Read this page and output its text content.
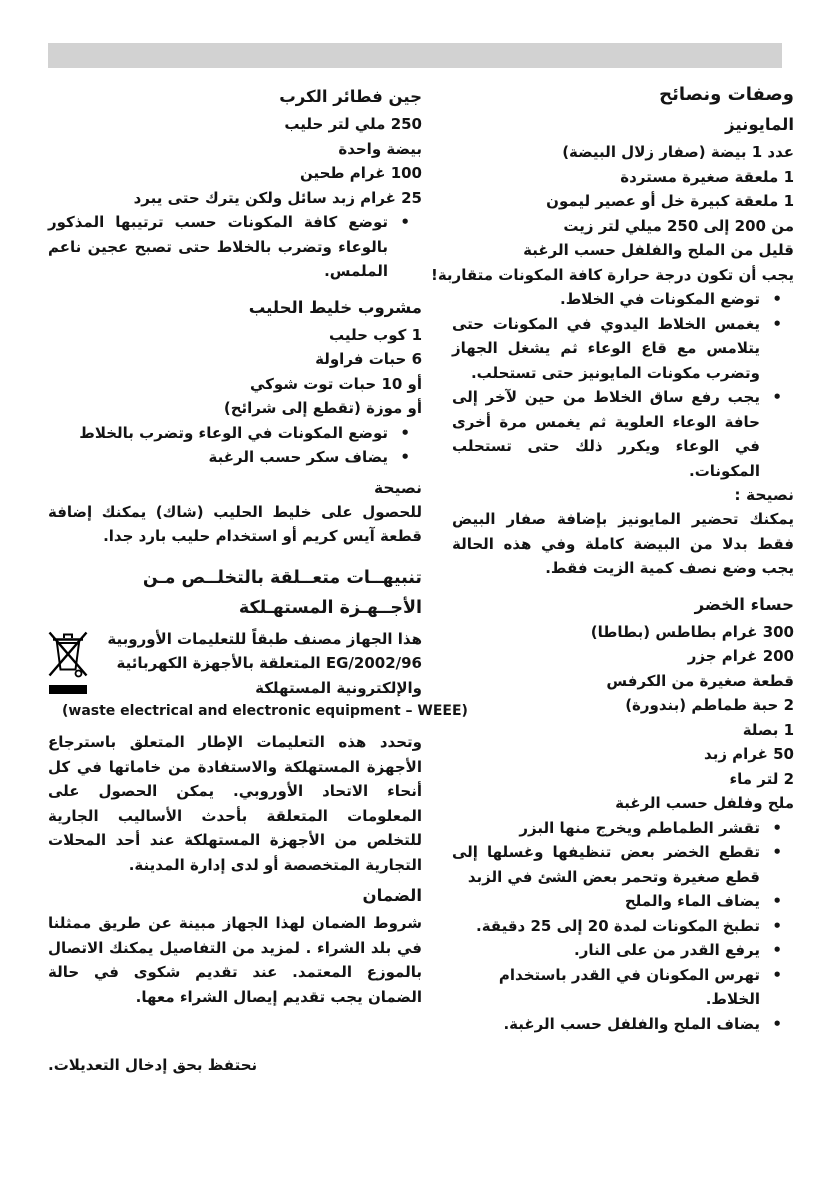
وصفات ونصائح
المايونيز
عدد 1 بيضة (صفار زلال البيضة)
1 ملعقة صغيرة مستردة
1 ملعقة كبيرة خل أو عصير ليمون
من 200 إلى 250 ميلي لتر زيت
قليل من الملح والفلفل حسب الرغبة
يجب أن تكون درجة حرارة كافة المكونات متقاربة!
• توضع المكونات في الخلاط.
• يغمس الخلاط اليدوي في المكونات حتى يتلامس مع قاع الوعاء ثم يشغل الجهاز وتضرب مكونات المايونيز حتى تستحلب.
• يجب رفع ساق الخلاط من حين لآخر إلى حافة الوعاء العلوية ثم يغمس مرة أخرى في الوعاء ويكرر ذلك حتى تستحلب المكونات.
نصيحة :
يمكنك تحضير المايونيز بإضافة صفار البيض فقط بدلا من البيضة كاملة وفي هذه الحالة يجب وضع نصف كمية الزيت فقط.
حساء الخضر
300 غرام بطاطس (بطاطا)
200 غرام جزر
قطعة صغيرة من الكرفس
2 حبة طماطم (بندورة)
1 بصلة
50 غرام زبد
2 لتر ماء
ملح وفلفل حسب الرغبة
• تقشر الطماطم ويخرج منها البزر
• تقطع الخضر بعض تنظيفها وغسلها إلى قطع صغيرة وتحمر بعض الشئ في الزبد
• يضاف الماء والملح
• تطبخ المكونات لمدة 20 إلى 25 دقيقة.
• يرفع القدر من على النار.
• تهرس المكونان في القدر باستخدام الخلاط.
• يضاف الملح والفلفل حسب الرغبة.
جين فطائر الكرب
250 ملي لتر حليب
بيضة واحدة
100 غرام طحين
25 غرام زبد سائل ولكن يترك حتى يبرد
• توضع كافة المكونات حسب ترتيبها المذكور بالوعاء وتضرب بالخلاط حتى تصبح عجين ناعم الملمس.
مشروب خليط الحليب
1 كوب حليب
6 حبات فراولة
أو 10 حبات توت شوكي
أو موزة (تقطع إلى شرائح)
• توضع المكونات في الوعاء وتضرب بالخلاط
• يضاف سكر حسب الرغبة
نصيحة
للحصول على خليط الحليب (شاك) يمكنك إضافة قطعة آيس كريم أو استخدام حليب بارد جدا.
تنبيهــات متعــلقة بالتخلــص مـن
الأجــهـزة المستهـلكة
هذا الجهاز مصنف طبقاً للتعليمات الأوروبية
2002/96/EG المتعلقة بالأجهزة الكهربائية
والإلكترونية المستهلكة
(waste electrical and electronic equipment – WEEE)
وتحدد هذه التعليمات الإطار المتعلق باسترجاع الأجهزة المستهلكة والاستفادة من خاماتها في كل أنحاء الاتحاد الأوروبي. يمكن الحصول على المعلومات المتعلقة بأحدث الأساليب الجارية للتخلص من الأجهزة المستهلكة عند أحد المحلات التجارية المتخصصة أو لدى إدارة المدينة.
الضمان
شروط الضمان لهذا الجهاز مبينة عن طريق ممثلنا في بلد الشراء . لمزيد من التفاصيل يمكنك الاتصال بالموزع المعتمد. عند تقديم شكوى في حالة الضمان يجب تقديم إيصال الشراء معها.
نحتفظ بحق إدخال التعديلات.
